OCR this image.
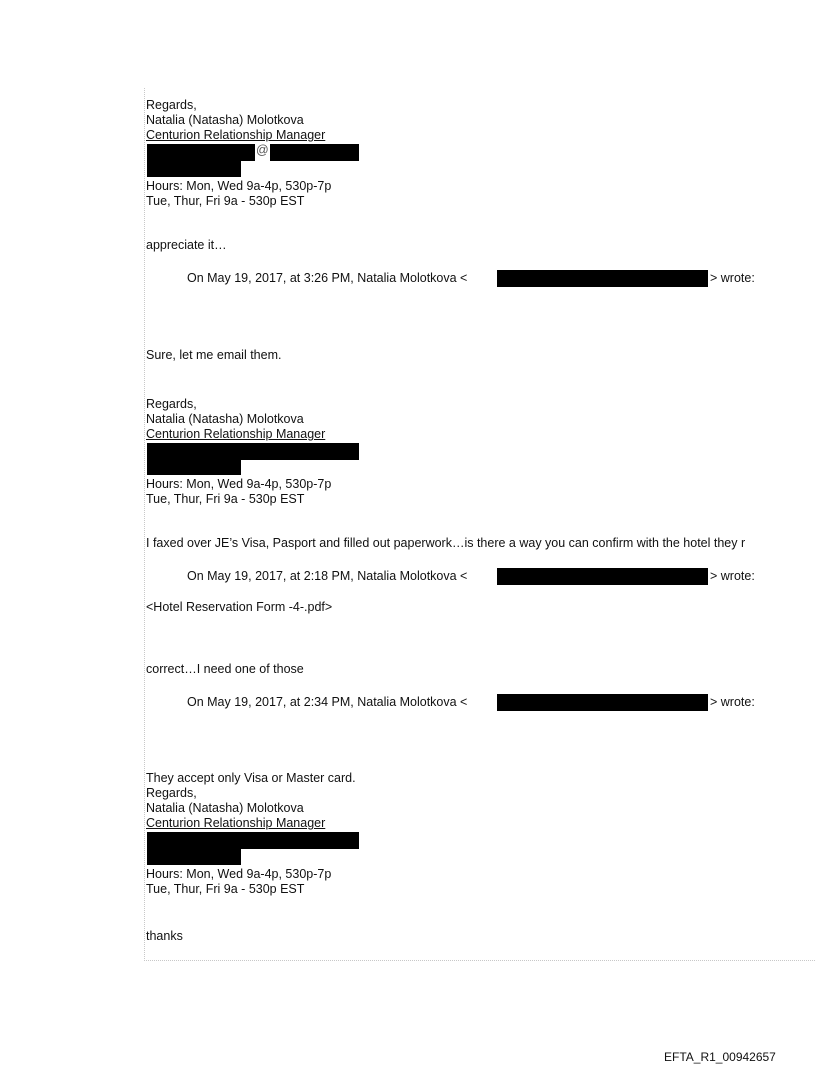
Regards,
Natalia (Natasha) Molotkova
Centurion Relationship Manager
@
Hours: Mon, Wed 9a-4p, 530p-7p
Tue, Thur, Fri 9a - 530p EST
appreciate it…
On May 19, 2017, at 3:26 PM, Natalia Molotkova <	> wrote:
Sure, let me email them.
Regards,
Natalia (Natasha) Molotkova
Centurion Relationship Manager
Hours: Mon, Wed 9a-4p, 530p-7p
Tue, Thur, Fri 9a - 530p EST
I faxed over JE’s Visa, Pasport and filled out paperwork…is there a way you can confirm with the hotel they r
On May 19, 2017, at 2:18 PM, Natalia Molotkova <	> wrote:
<Hotel Reservation Form -4-.pdf>
correct…I need one of those
On May 19, 2017, at 2:34 PM, Natalia Molotkova <	> wrote:
They accept only Visa or Master card.
Regards,
Natalia (Natasha) Molotkova
Centurion Relationship Manager
Hours: Mon, Wed 9a-4p, 530p-7p
Tue, Thur, Fri 9a - 530p EST
thanks
EFTA_R1_00942657
